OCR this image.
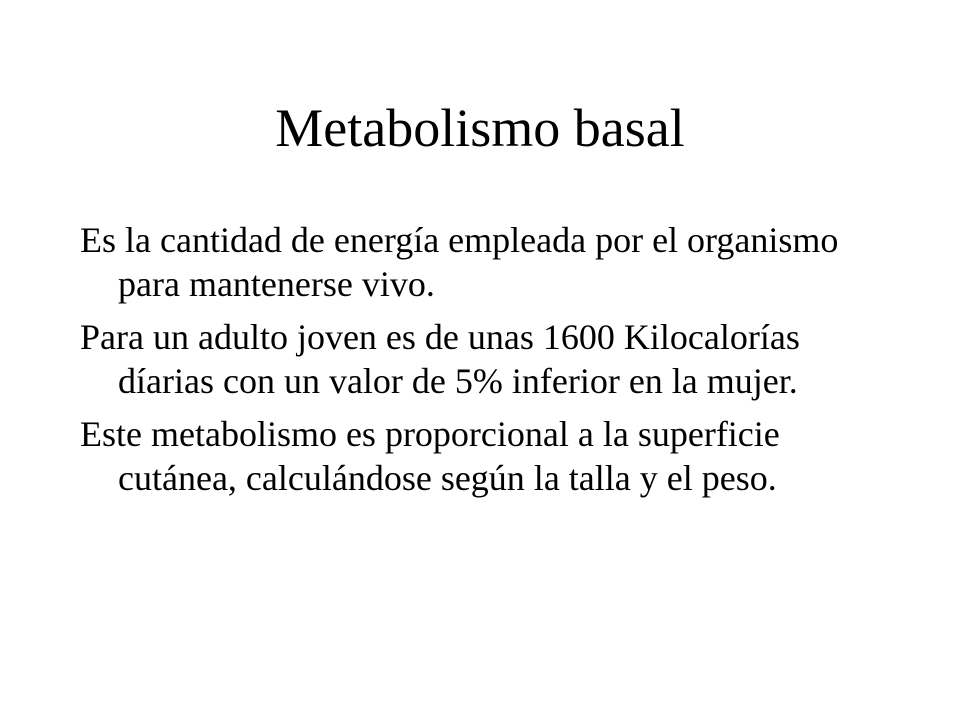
Metabolismo basal
Es la cantidad de energía empleada por el organismo para mantenerse vivo.
Para un adulto joven es de unas 1600 Kilocalorías díarias con un valor de 5% inferior en la mujer.
Este metabolismo es proporcional a la superficie cutánea, calculándose según la talla y el peso.
